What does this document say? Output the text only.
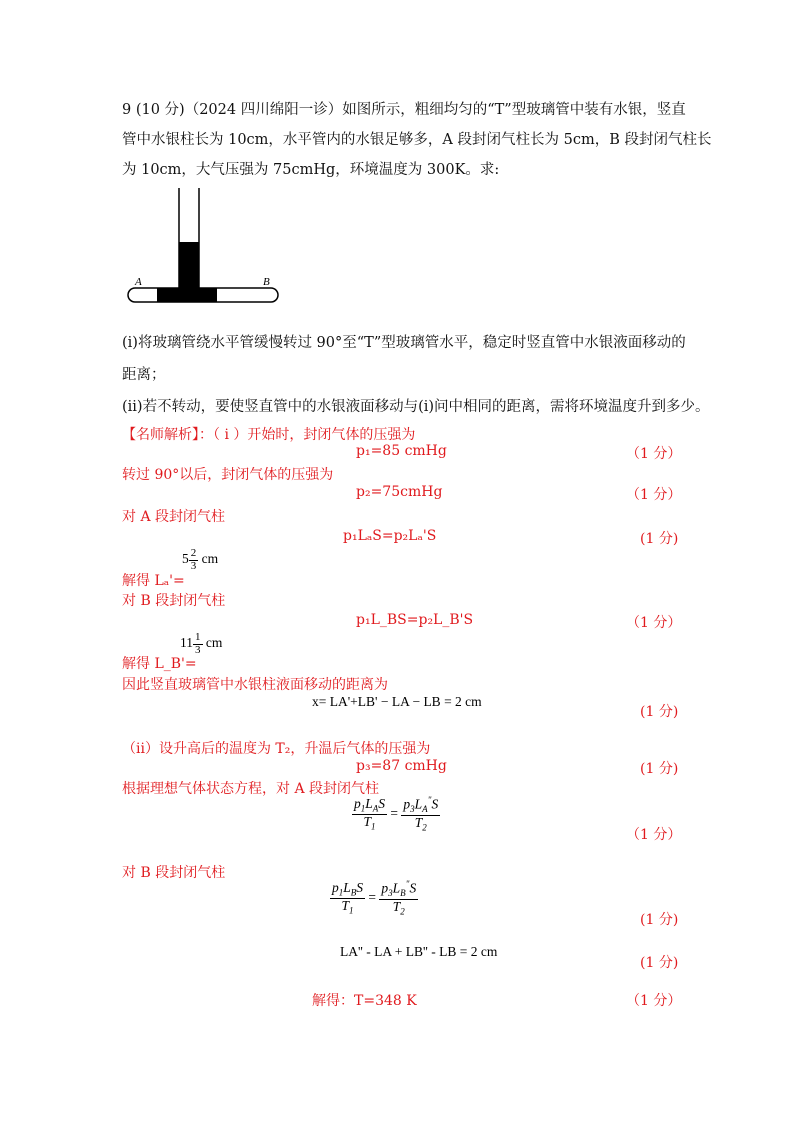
9 (10 分)（2024 四川绵阳一诊）如图所示，粗细均匀的“T”型玻璃管中装有水银，竖直
管中水银柱长为 10cm，水平管内的水银足够多，A 段封闭气柱长为 5cm，B 段封闭气柱长
为 10cm，大气压强为 75cmHg，环境温度为 300K。求:
A	B
(i)将玻璃管绕水平管缓慢转过 90°至“T”型玻璃管水平，稳定时竖直管中水银液面移动的
距离；
(ii)若不转动，要使竖直管中的水银液面移动与(i)问中相同的距离，需将环境温度升到多少。
【名师解析】：（ i ）开始时，封闭气体的压强为
p₁=85 cmHg	（1 分）
转过 90°以后，封闭气体的压强为
p₂=75cmHg	（1 分）
对 A 段封闭气柱
p₁LₐS=p₂Lₐ'S	(1 分)
$5 \frac{2}{3}$ cm
解得 Lₐ'=
对 B 段封闭气柱
p₁L_BS=p₂L_B'S	（1 分）
$11 \frac{1}{3}$ cm
解得 L_B'=
因此竖直玻璃管中水银柱液面移动的距离为
x= LA'+LB' − LA − LB = 2 cm
(1 分)
（ii）设升高后的温度为 T₂，升温后气体的压强为
p₃=87 cmHg	(1 分)
根据理想气体状态方程，对 A 段封闭气柱
$\frac{p_1L_AS}{T_1} = \frac{p_3L_A^"S}{T_2}$
（1 分）
对 B 段封闭气柱
$\frac{p_1L_BS}{T_1} = \frac{p_3L_B^"S}{T_2}$
(1 分)
LA'' - LA + LB'' - LB = 2 cm
(1 分)
解得：T=348 K	（1 分）
